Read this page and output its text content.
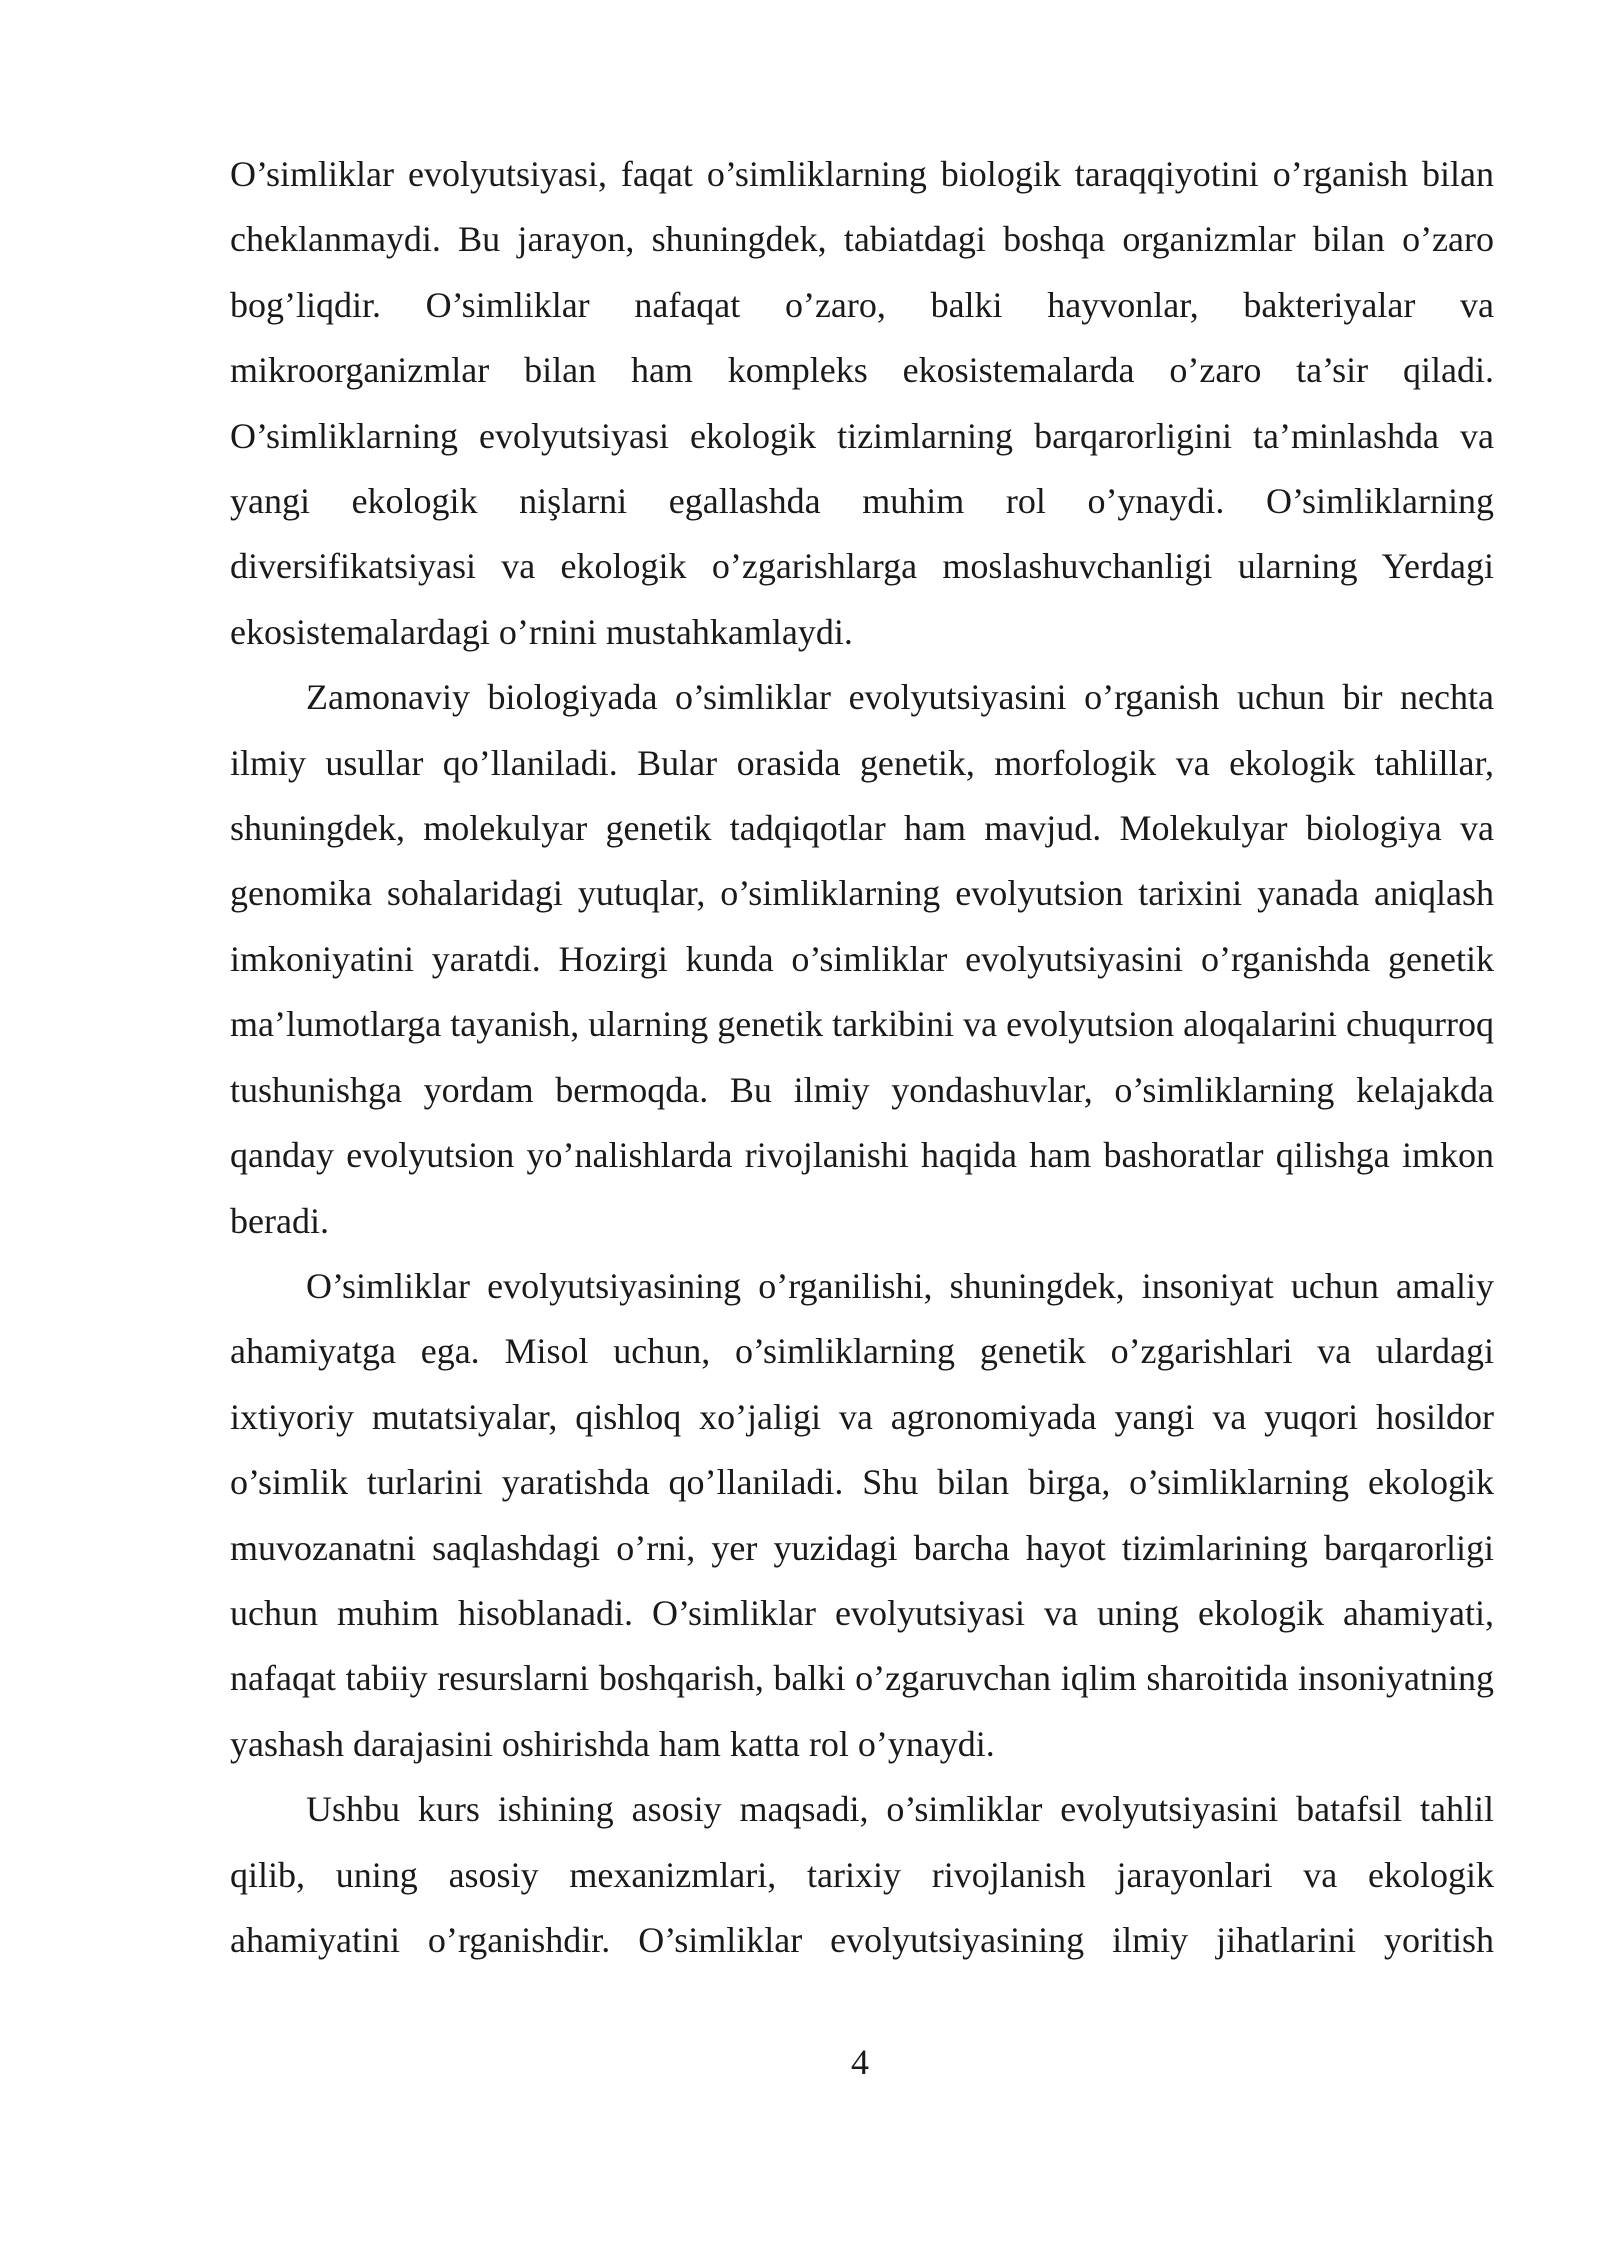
O’simliklar evolyutsiyasi, faqat o’simliklarning biologik taraqqiyotini o’rganish bilan cheklanmaydi. Bu jarayon, shuningdek, tabiatdagi boshqa organizmlar bilan o’zaro bog’liqdir. O’simliklar nafaqat o’zaro, balki hayvonlar, bakteriyalar va mikroorganizmlar bilan ham kompleks ekosistemalarda o’zaro ta’sir qiladi. O’simliklarning evolyutsiyasi ekologik tizimlarning barqarorligini ta’minlashda va yangi ekologik nişlarni egallashda muhim rol o’ynaydi. O’simliklarning diversifikatsiyasi va ekologik o’zgarishlarga moslashuvchanligi ularning Yerdagi ekosistemalardagi o’rnini mustahkamlaydi.

Zamonaviy biologiyada o’simliklar evolyutsiyasini o’rganish uchun bir nechta ilmiy usullar qo’llaniladi. Bular orasida genetik, morfologik va ekologik tahlillar, shuningdek, molekulyar genetik tadqiqotlar ham mavjud. Molekulyar biologiya va genomika sohalaridagi yutuqlar, o’simliklarning evolyutsion tarixini yanada aniqlash imkoniyatini yaratdi. Hozirgi kunda o’simliklar evolyutsiyasini o’rganishda genetik ma’lumotlarga tayanish, ularning genetik tarkibini va evolyutsion aloqalarini chuqurroq tushunishga yordam bermoqda. Bu ilmiy yondashuvlar, o’simliklarning kelajakda qanday evolyutsion yo’nalishlarda rivojlanishi haqida ham bashoratlar qilishga imkon beradi.

O’simliklar evolyutsiyasining o’rganilishi, shuningdek, insoniyat uchun amaliy ahamiyatga ega. Misol uchun, o’simliklarning genetik o’zgarishlari va ulardagi ixtiyoriy mutatsiyalar, qishloq xo’jaligi va agronomiyada yangi va yuqori hosildor o’simlik turlarini yaratishda qo’llaniladi. Shu bilan birga, o’simliklarning ekologik muvozanatni saqlashdagi o’rni, yer yuzidagi barcha hayot tizimlarining barqarorligi uchun muhim hisoblanadi. O’simliklar evolyutsiyasi va uning ekologik ahamiyati, nafaqat tabiiy resurslarni boshqarish, balki o’zgaruvchan iqlim sharoitida insoniyatning yashash darajasini oshirishda ham katta rol o’ynaydi.

Ushbu kurs ishining asosiy maqsadi, o’simliklar evolyutsiyasini batafsil tahlil qilib, uning asosiy mexanizmlari, tarixiy rivojlanish jarayonlari va ekologik ahamiyatini o’rganishdir. O’simliklar evolyutsiyasining ilmiy jihatlarini yoritish

4
